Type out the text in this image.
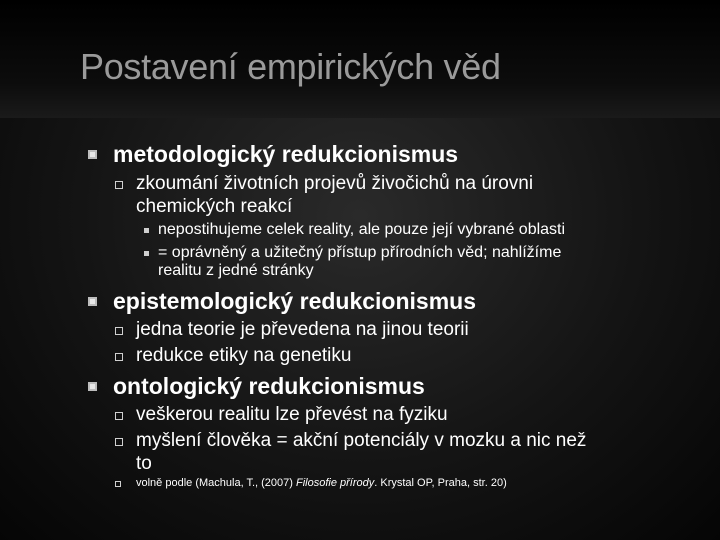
Postavení empirických věd
metodologický redukcionismus
zkoumání životních projevů živočichů na úrovni
chemických reakcí
nepostihujeme celek reality, ale pouze její vybrané oblasti
= oprávněný a užitečný přístup přírodních věd; nahlížíme
realitu z jedné stránky
epistemologický redukcionismus
jedna teorie je převedena na jinou teorii
redukce etiky na genetiku
ontologický redukcionismus
veškerou realitu lze převést na fyziku
myšlení člověka = akční potenciály v mozku a nic než
to
volně podle (Machula, T., (2007) Filosofie přírody. Krystal OP, Praha, str. 20)
